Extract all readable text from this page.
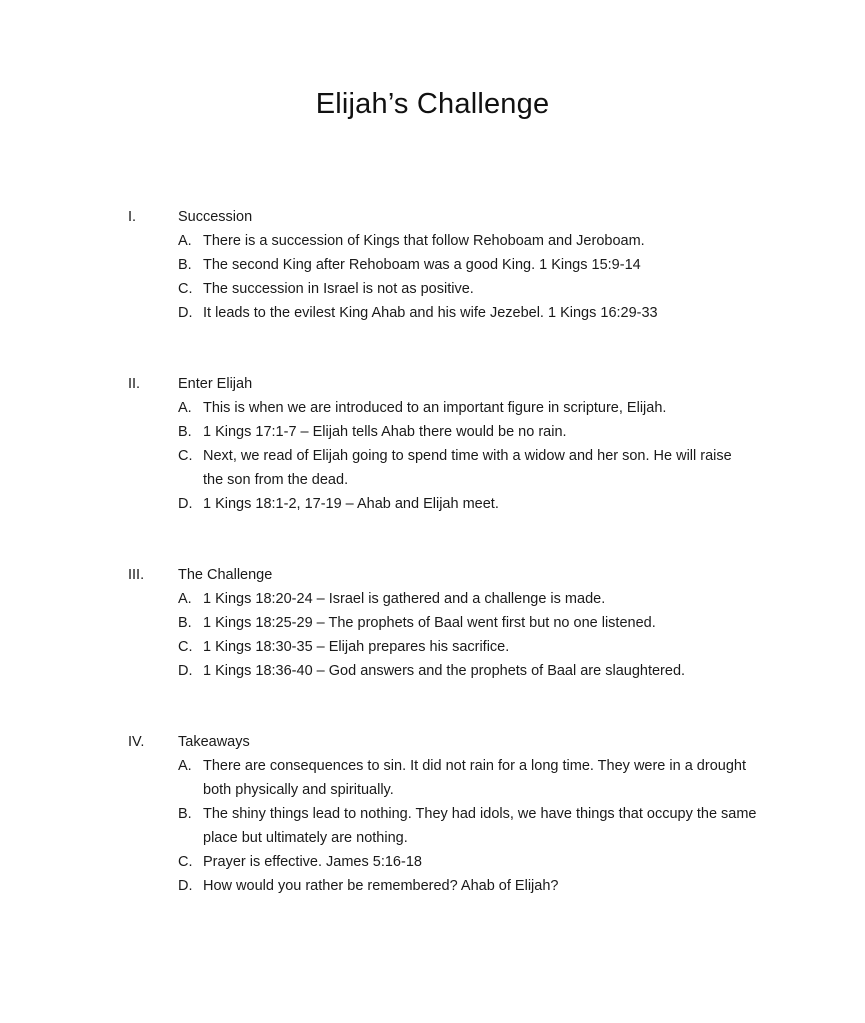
Elijah’s Challenge
I.	Succession
A. There is a succession of Kings that follow Rehoboam and Jeroboam.
B. The second King after Rehoboam was a good King. 1 Kings 15:9-14
C. The succession in Israel is not as positive.
D. It leads to the evilest King Ahab and his wife Jezebel. 1 Kings 16:29-33
II.	Enter Elijah
A. This is when we are introduced to an important figure in scripture, Elijah.
B. 1 Kings 17:1-7 – Elijah tells Ahab there would be no rain.
C. Next, we read of Elijah going to spend time with a widow and her son. He will raise the son from the dead.
D. 1 Kings 18:1-2, 17-19 – Ahab and Elijah meet.
III. The Challenge
A. 1 Kings 18:20-24 – Israel is gathered and a challenge is made.
B. 1 Kings 18:25-29 – The prophets of Baal went first but no one listened.
C. 1 Kings 18:30-35 – Elijah prepares his sacrifice.
D. 1 Kings 18:36-40 – God answers and the prophets of Baal are slaughtered.
IV. Takeaways
A. There are consequences to sin. It did not rain for a long time. They were in a drought both physically and spiritually.
B. The shiny things lead to nothing. They had idols, we have things that occupy the same place but ultimately are nothing.
C. Prayer is effective. James 5:16-18
D. How would you rather be remembered? Ahab of Elijah?
